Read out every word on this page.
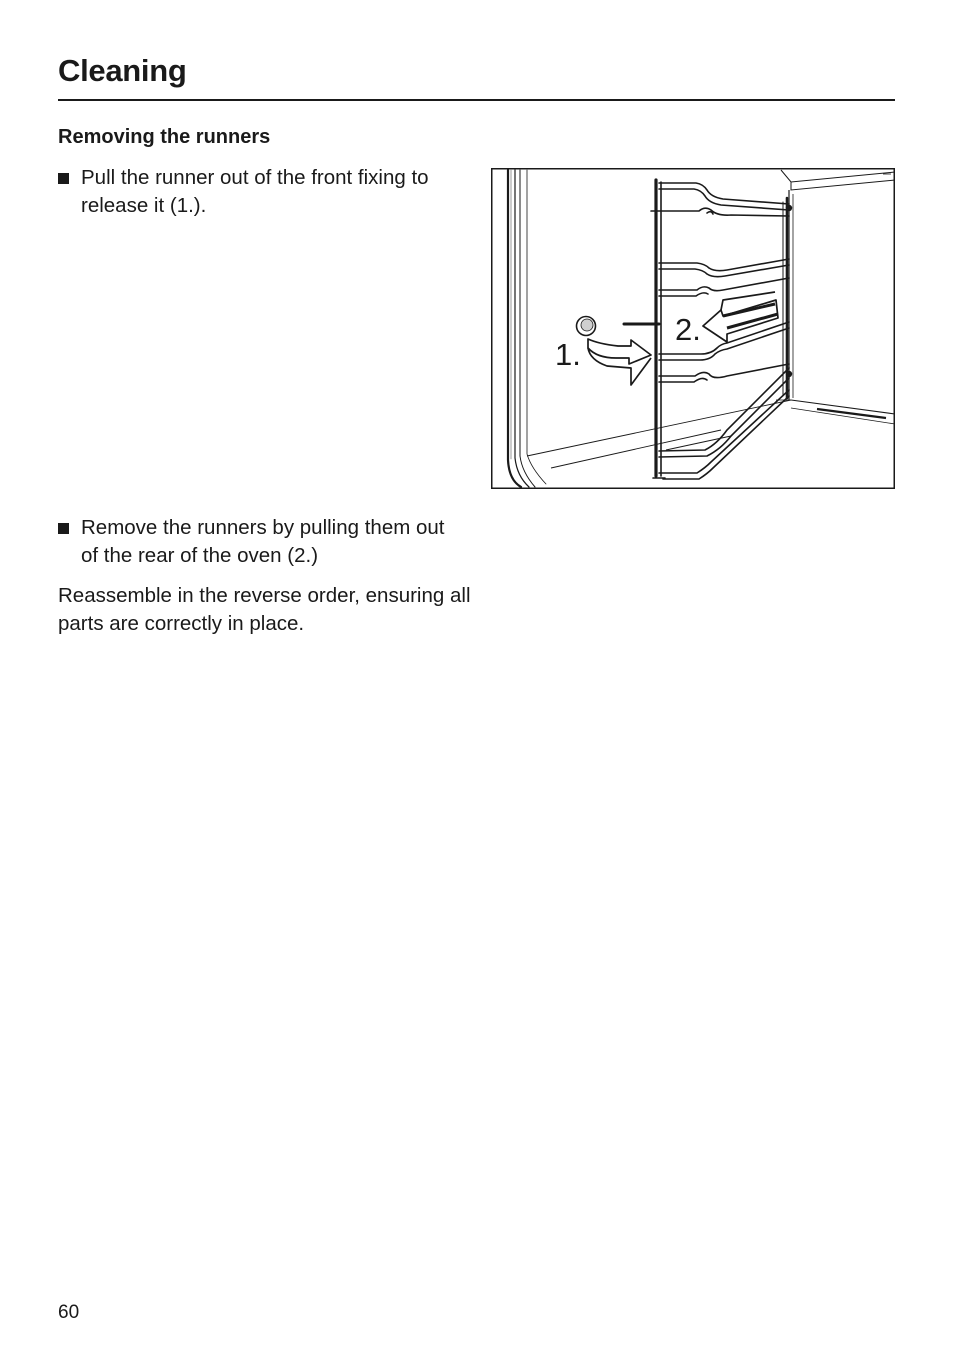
Cleaning
Removing the runners
Pull the runner out of the front fixing to release it (1.).
1.
2.
Remove the runners by pulling them out of the rear of the oven (2.)

Reassemble in the reverse order, ensuring all parts are correctly in place.

60
